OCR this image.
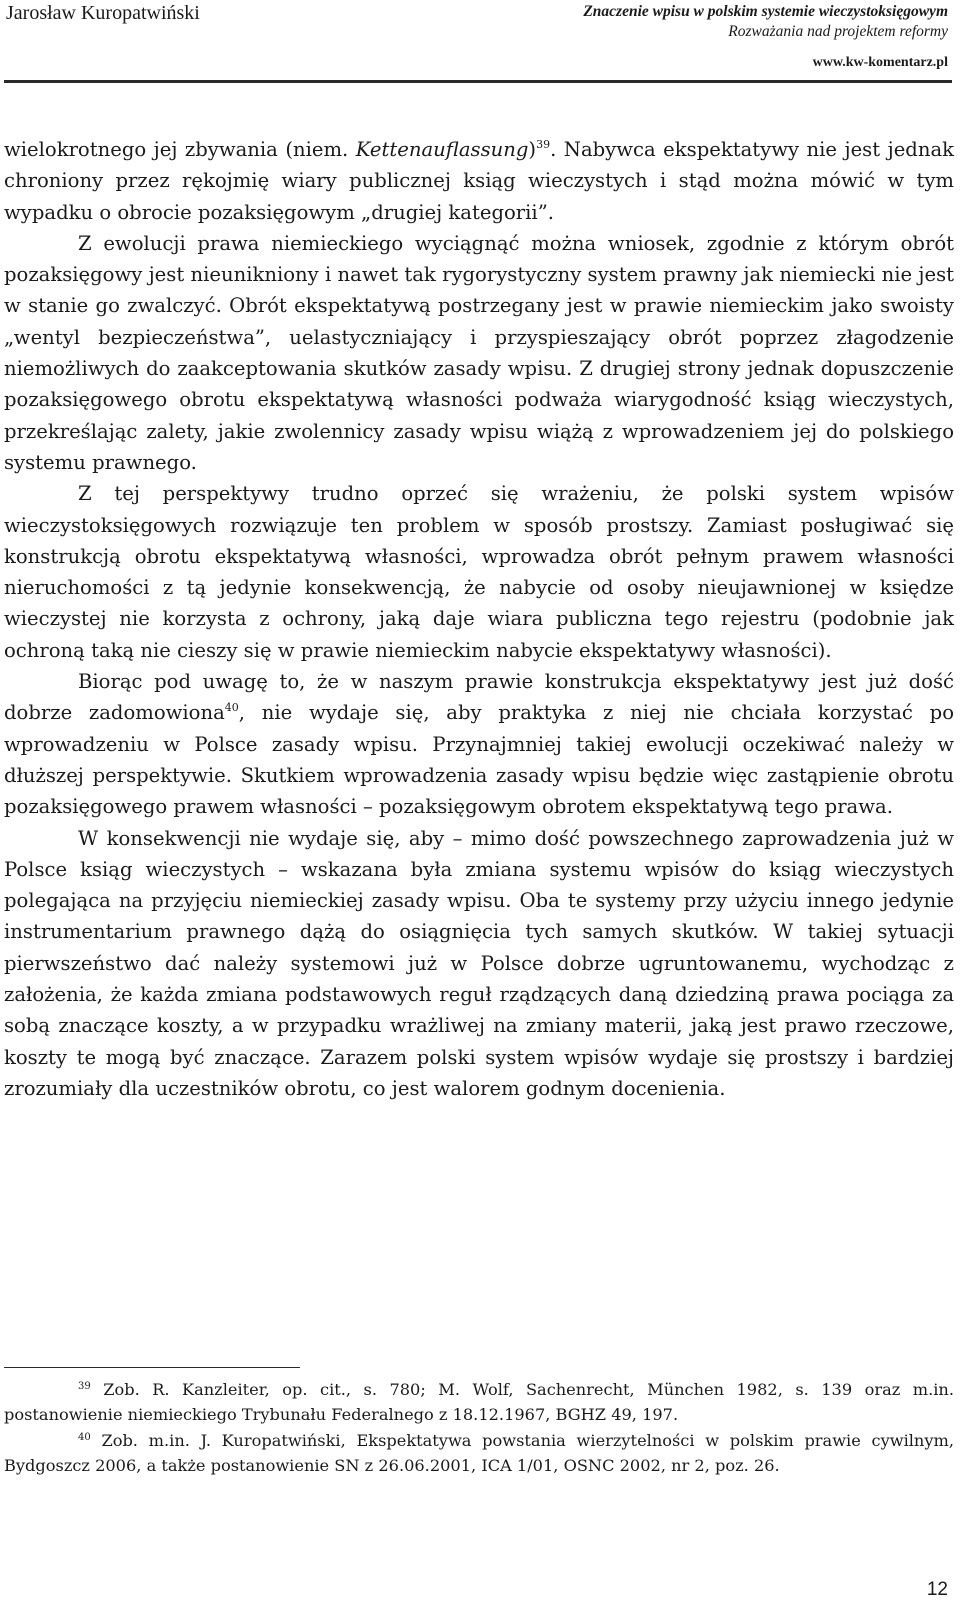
Jarosław Kuropatwiński	Znaczenie wpisu w polskim systemie wieczystoksięgowym
Rozważania nad projektem reformy
www.kw-komentarz.pl

wielokrotnego jej zbywania (niem. Kettenauflassung)$^{39}$. Nabywca ekspektatywy nie jest jednak chroniony przez rękojmię wiary publicznej ksiąg wieczystych i stąd można mówić w tym wypadku o obrocie pozaksięgowym „drugiej kategorii”.

Z ewolucji prawa niemieckiego wyciągnąć można wniosek, zgodnie z którym obrót pozaksięgowy jest nieunikniony i nawet tak rygorystyczny system prawny jak niemiecki nie jest w stanie go zwalczyć. Obrót ekspektatywą postrzegany jest w prawie niemieckim jako swoisty „wentyl bezpieczeństwa”, uelastyczniający i przyspieszający obrót poprzez złagodzenie niemożliwych do zaakceptowania skutków zasady wpisu. Z drugiej strony jednak dopuszczenie pozaksięgowego obrotu ekspektatywą własności podważa wiarygodność ksiąg wieczystych, przekreślając zalety, jakie zwolennicy zasady wpisu wiążą z wprowadzeniem jej do polskiego systemu prawnego.

Z tej perspektywy trudno oprzeć się wrażeniu, że polski system wpisów wieczystoksięgowych rozwiązuje ten problem w sposób prostszy. Zamiast posługiwać się konstrukcją obrotu ekspektatywą własności, wprowadza obrót pełnym prawem własności nieruchomości z tą jedynie konsekwencją, że nabycie od osoby nieujawnionej w księdze wieczystej nie korzysta z ochrony, jaką daje wiara publiczna tego rejestru (podobnie jak ochroną taką nie cieszy się w prawie niemieckim nabycie ekspektatywy własności).

Biorąc pod uwagę to, że w naszym prawie konstrukcja ekspektatywy jest już dość dobrze zadomowiona$^{40}$, nie wydaje się, aby praktyka z niej nie chciała korzystać po wprowadzeniu w Polsce zasady wpisu. Przynajmniej takiej ewolucji oczekiwać należy w dłuższej perspektywie. Skutkiem wprowadzenia zasady wpisu będzie więc zastąpienie obrotu pozaksięgowego prawem własności – pozaksięgowym obrotem ekspektatywą tego prawa.

W konsekwencji nie wydaje się, aby – mimo dość powszechnego zaprowadzenia już w Polsce ksiąg wieczystych – wskazana była zmiana systemu wpisów do ksiąg wieczystych polegająca na przyjęciu niemieckiej zasady wpisu. Oba te systemy przy użyciu innego jedynie instrumentarium prawnego dążą do osiągnięcia tych samych skutków. W takiej sytuacji pierwszeństwo dać należy systemowi już w Polsce dobrze ugruntowanemu, wychodząc z założenia, że każda zmiana podstawowych reguł rządzących daną dziedziną prawa pociąga za sobą znaczące koszty, a w przypadku wrażliwej na zmiany materii, jaką jest prawo rzeczowe, koszty te mogą być znaczące. Zarazem polski system wpisów wydaje się prostszy i bardziej zrozumiały dla uczestników obrotu, co jest walorem godnym docenienia.

$^{39}$ Zob. R. Kanzleiter, op. cit., s. 780; M. Wolf, Sachenrecht, München 1982, s. 139 oraz m.in. postanowienie niemieckiego Trybunału Federalnego z 18.12.1967, BGHZ 49, 197.

$^{40}$ Zob. m.in. J. Kuropatwiński, Ekspektatywa powstania wierzytelności w polskim prawie cywilnym, Bydgoszcz 2006, a także postanowienie SN z 26.06.2001, ICA 1/01, OSNC 2002, nr 2, poz. 26.

12
